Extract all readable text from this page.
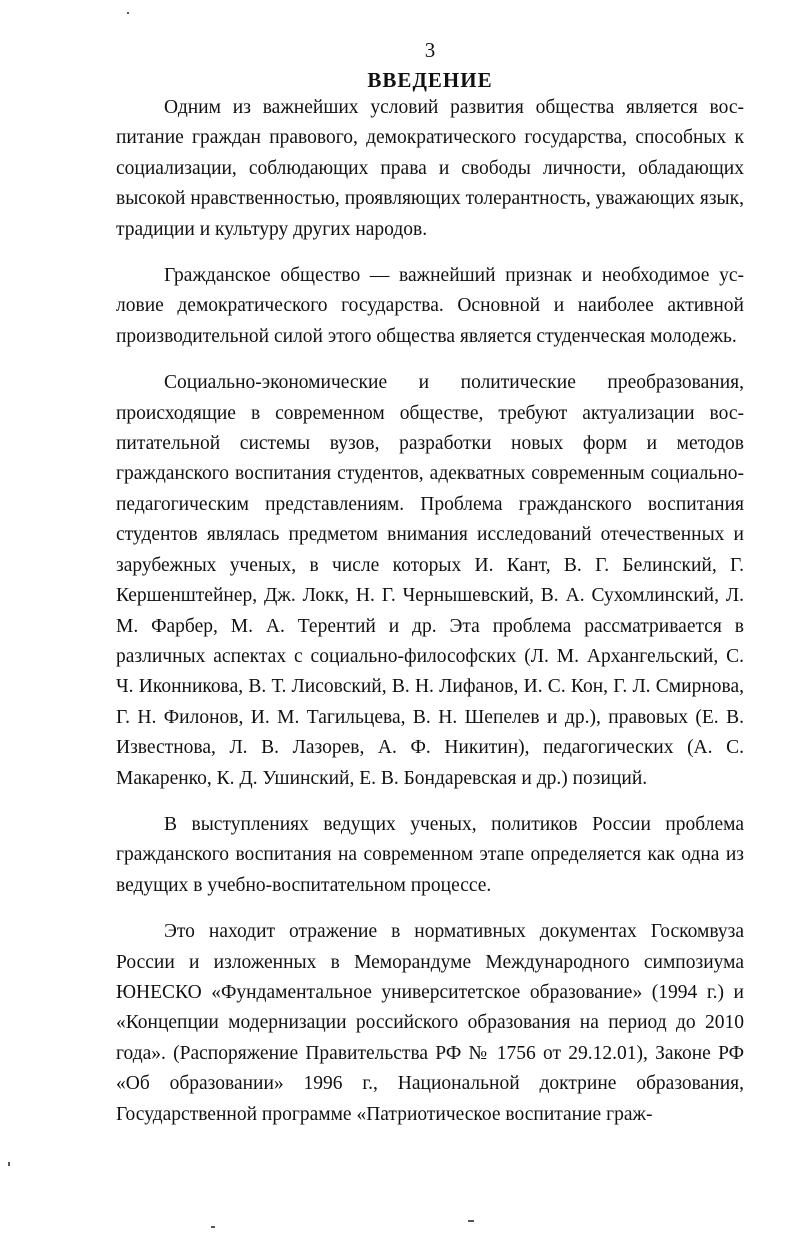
3
ВВЕДЕНИЕ

Одним из важнейших условий развития общества является воспитание граждан правового, демократического государства, способных к социализации, соблюдающих права и свободы личности, обладающих высокой нравственностью, проявляющих толерантность, уважающих язык, традиции и культуру других народов.

Гражданское общество — важнейший признак и необходимое условие демократического государства. Основной и наиболее активной производительной силой этого общества является студенческая молодежь.

Социально-экономические и политические преобразования, происходящие в современном обществе, требуют актуализации воспитательной системы вузов, разработки новых форм и методов гражданского воспитания студентов, адекватных современным социально-педагогическим представлениям. Проблема гражданского воспитания студентов являлась предметом внимания исследований отечественных и зарубежных ученых, в числе которых И. Кант, В. Г. Белинский, Г. Кершенштейнер, Дж. Локк, Н. Г. Чернышевский, В. А. Сухомлинский, Л. М. Фарбер, М. А. Терентий и др. Эта проблема рассматривается в различных аспектах с социально-философских (Л. М. Архангельский, С. Ч. Иконникова, В. Т. Лисовский, В. Н. Лифанов, И. С. Кон, Г. Л. Смирнова, Г. Н. Филонов, И. М. Тагильцева, В. Н. Шепелев и др.), правовых (Е. В. Известнова, Л. В. Лазорев, А. Ф. Никитин), педагогических (А. С. Макаренко, К. Д. Ушинский, Е. В. Бондаревская и др.) позиций.

В выступлениях ведущих ученых, политиков России проблема гражданского воспитания на современном этапе определяется как одна из ведущих в учебно-воспитательном процессе.

Это находит отражение в нормативных документах Госкомвуза России и изложенных в Меморандуме Международного симпозиума ЮНЕСКО «Фундаментальное университетское образование» (1994 г.) и «Концепции модернизации российского образования на период до 2010 года». (Распоряжение Правительства РФ № 1756 от 29.12.01), Законе РФ «Об образовании» 1996 г., Национальной доктрине образования, Государственной программе «Патриотическое воспитание граж-
